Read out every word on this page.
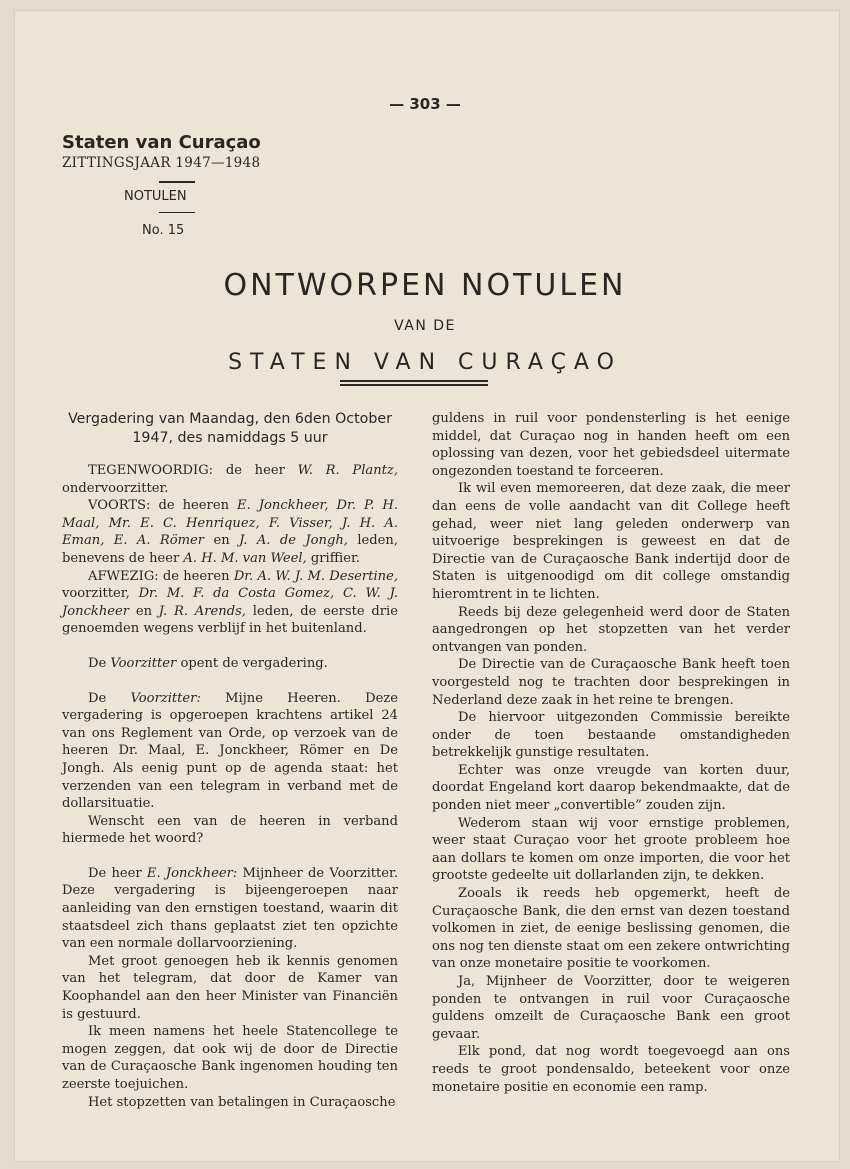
— 303 —
Staten van Curaçao
ZITTINGSJAAR 1947—1948
NOTULEN
No. 15
ONTWORPEN NOTULEN
VAN DE
STATEN VAN CURAÇAO
Vergadering van Maandag, den 6den October 1947, des namiddags 5 uur

TEGENWOORDIG: de heer W. R. Plantz, ondervoorzitter.

VOORTS: de heeren E. Jonckheer, Dr. P. H. Maal, Mr. E. C. Henriquez, F. Visser, J. H. A. Eman, E. A. Römer en J. A. de Jongh, leden, benevens de heer A. H. M. van Weel, griffier.

AFWEZIG: de heeren Dr. A. W. J. M. Desertine, voorzitter, Dr. M. F. da Costa Gomez, C. W. J. Jonckheer en J. R. Arends, leden, de eerste drie genoemden wegens verblijf in het buitenland.

De Voorzitter opent de vergadering.

De Voorzitter: Mijne Heeren. Deze vergadering is opgeroepen krachtens artikel 24 van ons Reglement van Orde, op verzoek van de heeren Dr. Maal, E. Jonckheer, Römer en De Jongh. Als eenig punt op de agenda staat: het verzenden van een telegram in verband met de dollarsituatie.

Wenscht een van de heeren in verband hiermede het woord?

De heer E. Jonckheer: Mijnheer de Voorzitter. Deze vergadering is bijeengeroepen naar aanleiding van den ernstigen toestand, waarin dit staatsdeel zich thans geplaatst ziet ten opzichte van een normale dollarvoorziening.

Met groot genoegen heb ik kennis genomen van het telegram, dat door de Kamer van Koophandel aan den heer Minister van Financiën is gestuurd.

Ik meen namens het heele Statencollege te mogen zeggen, dat ook wij de door de Directie van de Curaçaosche Bank ingenomen houding ten zeerste toejuichen.

Het stopzetten van betalingen in Curaçaosche

guldens in ruil voor pondensterling is het eenige middel, dat Curaçao nog in handen heeft om een oplossing van dezen, voor het gebiedsdeel uitermate ongezonden toestand te forceeren.

Ik wil even memoreeren, dat deze zaak, die meer dan eens de volle aandacht van dit College heeft gehad, weer niet lang geleden onderwerp van uitvoerige besprekingen is geweest en dat de Directie van de Curaçaosche Bank indertijd door de Staten is uitgenoodigd om dit college omstandig hieromtrent in te lichten.

Reeds bij deze gelegenheid werd door de Staten aangedrongen op het stopzetten van het verder ontvangen van ponden.

De Directie van de Curaçaosche Bank heeft toen voorgesteld nog te trachten door besprekingen in Nederland deze zaak in het reine te brengen.

De hiervoor uitgezonden Commissie bereikte onder de toen bestaande omstandigheden betrekkelijk gunstige resultaten.

Echter was onze vreugde van korten duur, doordat Engeland kort daarop bekendmaakte, dat de ponden niet meer „convertible” zouden zijn.

Wederom staan wij voor ernstige problemen, weer staat Curaçao voor het groote probleem hoe aan dollars te komen om onze importen, die voor het grootste gedeelte uit dollarlanden zijn, te dekken.

Zooals ik reeds heb opgemerkt, heeft de Curaçaosche Bank, die den ernst van dezen toestand volkomen in ziet, de eenige beslissing genomen, die ons nog ten dienste staat om een zekere ontwrichting van onze monetaire positie te voorkomen.

Ja, Mijnheer de Voorzitter, door te weigeren ponden te ontvangen in ruil voor Curaçaosche guldens omzeilt de Curaçaosche Bank een groot gevaar.

Elk pond, dat nog wordt toegevoegd aan ons reeds te groot pondensaldo, beteekent voor onze monetaire positie en economie een ramp.
